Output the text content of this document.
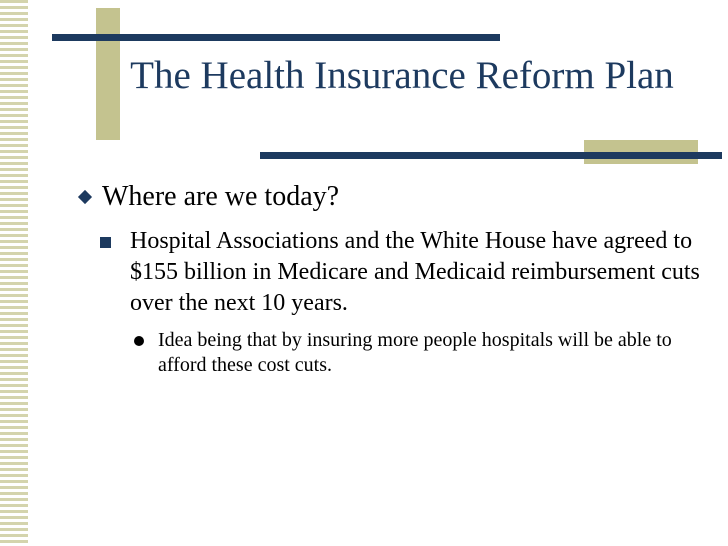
The Health Insurance Reform Plan
Where are we today?
Hospital Associations and the White House have agreed to $155 billion in Medicare and Medicaid reimbursement cuts over the next 10 years.
Idea being that by insuring more people hospitals will be able to afford these cost cuts.
